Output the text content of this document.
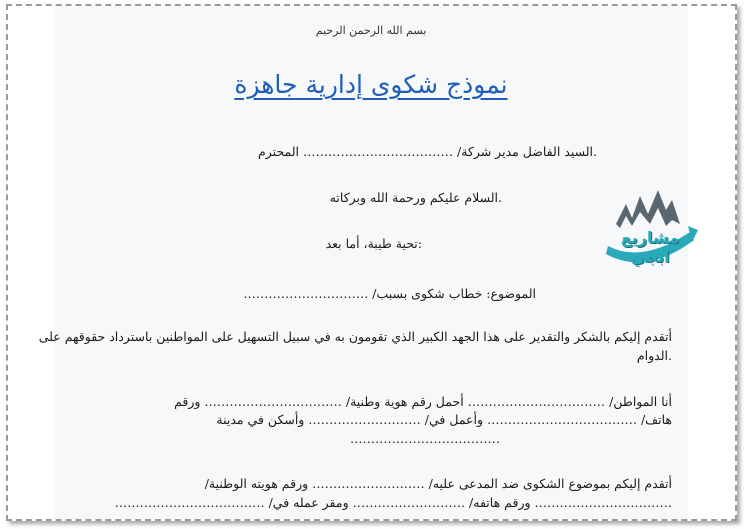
بسم الله الرحمن الرحيم
نموذج شكوى إدارية جاهزة
.السيد الفاضل مدير شركة/ ……………………………… المحترم
.السلام عليكم ورحمة الله وبركاته
:تحية طيبة، أما بعد
الموضوع: خطاب شكوى بسبب/ …………………………
أتقدم إليكم بالشكر والتقدير على هذا الجهد الكبير الذي تقومون به في سبيل التسهيل على المواطنين باسترداد حقوقهم على
.الدوام
أنا المواطن/ …………………………… أحمل رقم هوية وطنية/ …………………………… ورقم
هاتف/ ……………………………… وأعمل في/ ……………………… وأسكن في مدينة
………………………………
أتقدم إليكم بموضوع الشكوى ضد المدعى عليه/ ……………………… ورقم هويته الوطنية/
…………………………… ورقم هاتفه/ ……………………… ومقر عمله في/ ………………………………
مشاريع ابجي
